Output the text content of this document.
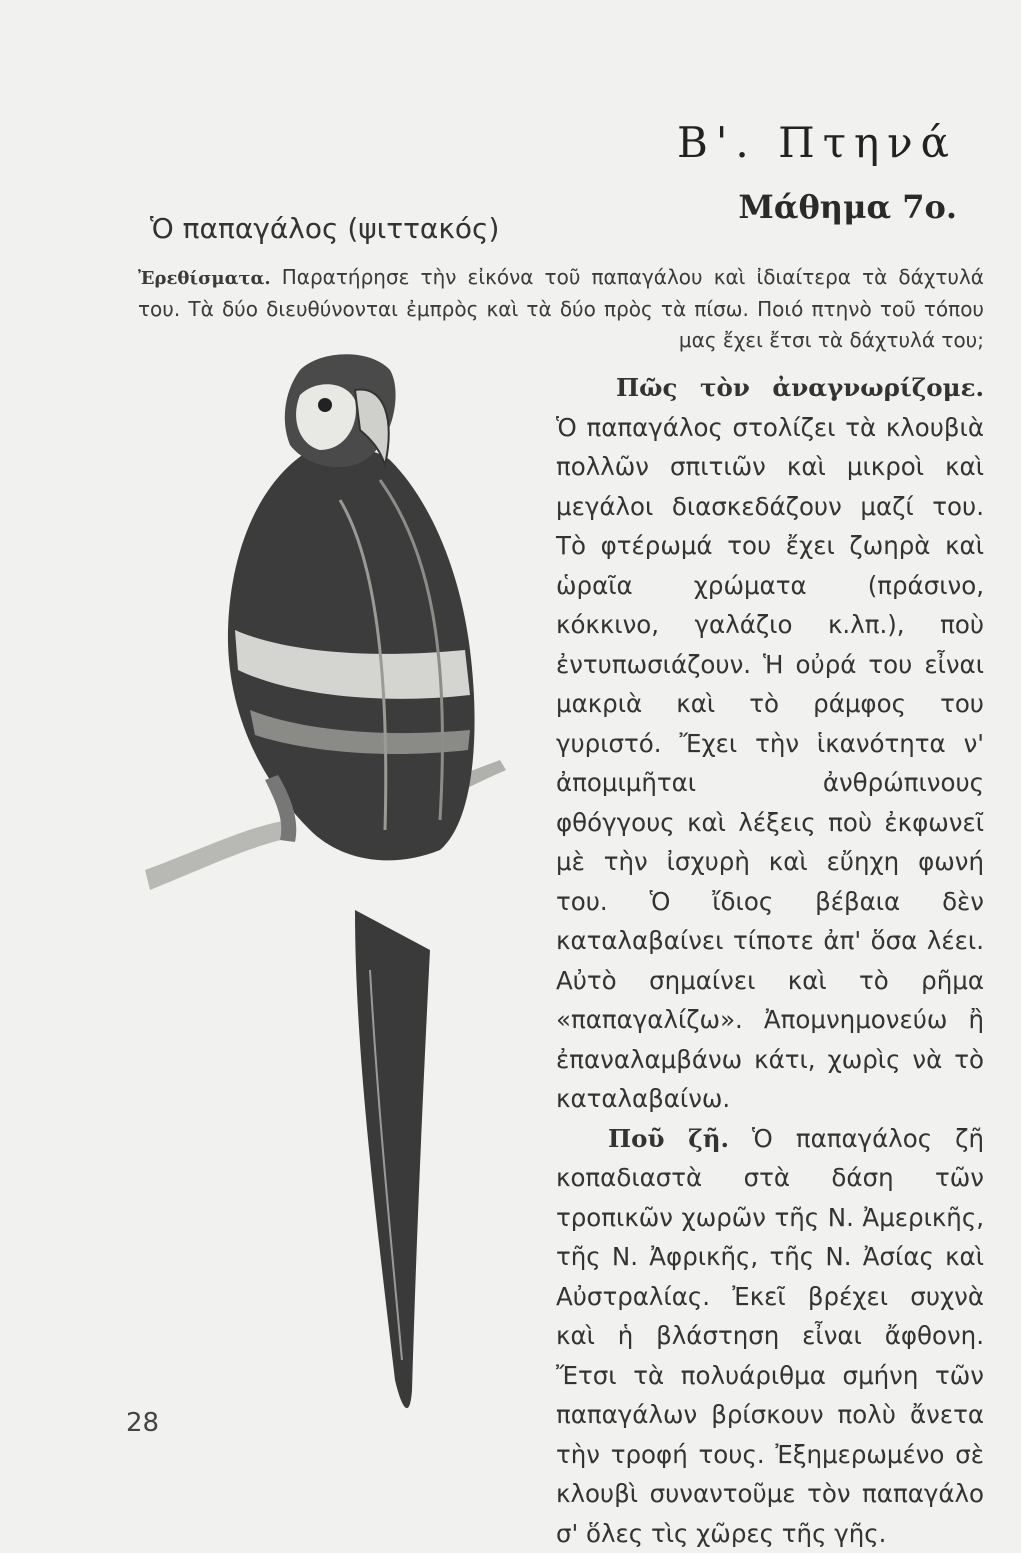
Β'. Πτηνά
Μάθημα 7ο.
Ὁ παπαγάλος (ψιττακός)
Ἐρεθίσματα. Παρατήρησε τὴν εἰκόνα τοῦ παπαγάλου καὶ ἰδιαίτερα τὰ δάχτυλά του. Τὰ δύο διευθύνονται ἐμπρὸς καὶ τὰ δύο πρὸς τὰ πίσω. Ποιό πτηνὸ τοῦ τόπου μας ἔχει ἔτσι τὰ δάχτυλά του;

Πῶς τὸν ἀναγνωρίζομε. Ὁ παπαγάλος στολίζει τὰ κλουβιὰ πολλῶν σπιτιῶν καὶ μικροὶ καὶ μεγάλοι διασκεδάζουν μαζί του. Τὸ φτέρωμά του ἔχει ζωηρὰ καὶ ὡραῖα χρώματα (πράσινο, κόκκινο, γαλάζιο κ.λπ.), ποὺ ἐντυπωσιάζουν. Ἡ οὐρά του εἶναι μακριὰ καὶ τὸ ράμφος του γυριστό. Ἔχει τὴν ἱκανότητα ν' ἀπομιμῆται ἀνθρώπινους φθόγγους καὶ λέξεις ποὺ ἐκφωνεῖ μὲ τὴν ἰσχυρὴ καὶ εὔηχη φωνή του. Ὁ ἴδιος βέβαια δὲν καταλαβαίνει τίποτε ἀπ' ὅσα λέει. Αὐτὸ σημαίνει καὶ τὸ ρῆμα «παπαγαλίζω». Ἀπομνημονεύω ἢ ἐπαναλαμβάνω κάτι, χωρὶς νὰ τὸ καταλαβαίνω.

Ποῦ ζῆ. Ὁ παπαγάλος ζῆ κοπαδιαστὰ στὰ δάση τῶν τροπικῶν χωρῶν τῆς Ν. Ἀμερικῆς, τῆς Ν. Ἀφρικῆς, τῆς Ν. Ἀσίας καὶ Αὐστραλίας. Ἐκεῖ βρέχει συχνὰ καὶ ἡ βλάστηση εἶναι ἄφθονη. Ἔτσι τὰ πολυάριθμα σμήνη τῶν παπαγάλων βρίσκουν πολὺ ἄνετα τὴν τροφή τους. Ἐξημερωμένο σὲ κλουβὶ συναντοῦμε τὸν παπαγάλο σ' ὅλες τὶς χῶρες τῆς γῆς.

28
